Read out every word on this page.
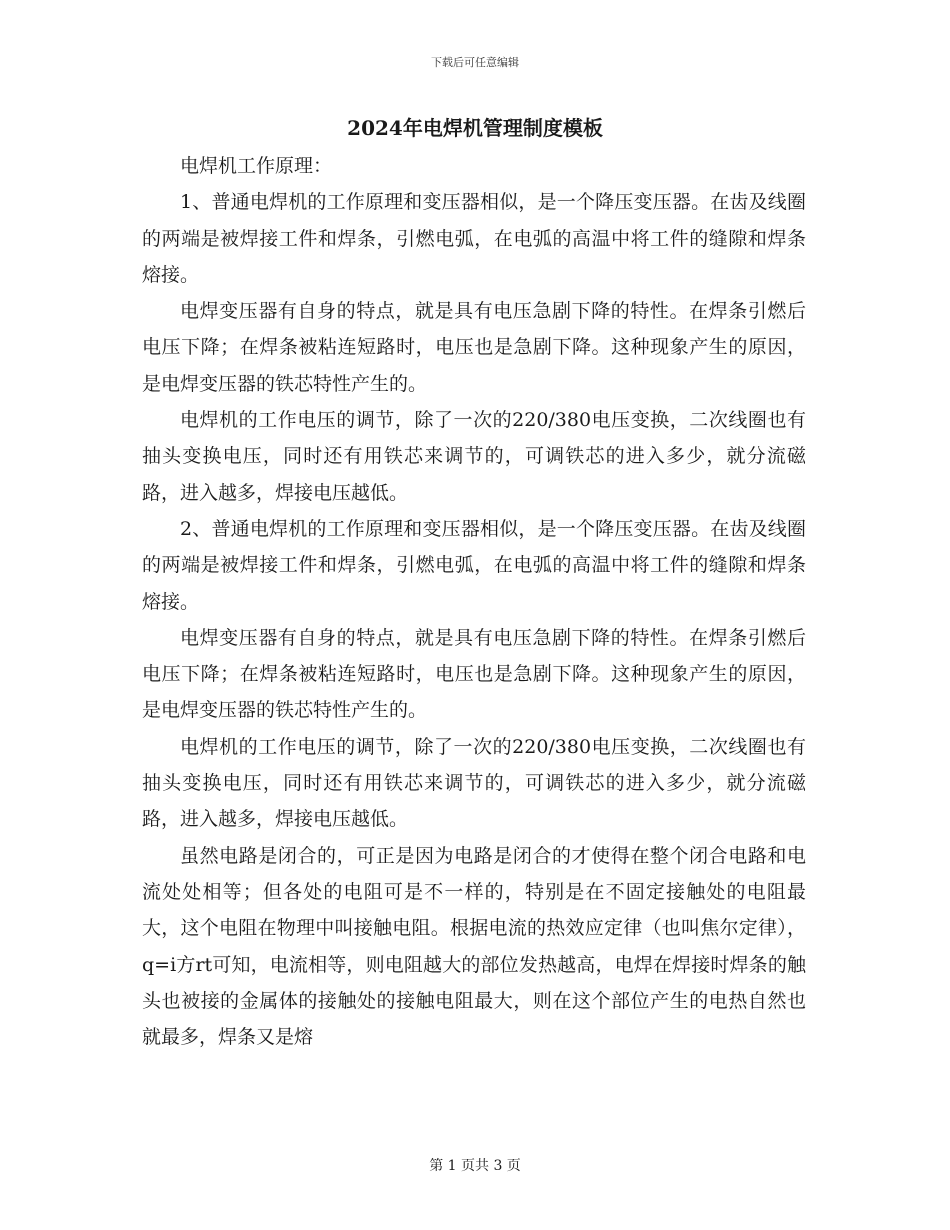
下载后可任意编辑
2024年电焊机管理制度模板

电焊机工作原理：

1、普通电焊机的工作原理和变压器相似，是一个降压变压器。在齿及线圈的两端是被焊接工件和焊条，引燃电弧，在电弧的高温中将工件的缝隙和焊条熔接。

电焊变压器有自身的特点，就是具有电压急剧下降的特性。在焊条引燃后电压下降；在焊条被粘连短路时，电压也是急剧下降。这种现象产生的原因，是电焊变压器的铁芯特性产生的。

电焊机的工作电压的调节，除了一次的220/380电压变换，二次线圈也有抽头变换电压，同时还有用铁芯来调节的，可调铁芯的进入多少，就分流磁路，进入越多，焊接电压越低。

2、普通电焊机的工作原理和变压器相似，是一个降压变压器。在齿及线圈的两端是被焊接工件和焊条，引燃电弧，在电弧的高温中将工件的缝隙和焊条熔接。

电焊变压器有自身的特点，就是具有电压急剧下降的特性。在焊条引燃后电压下降；在焊条被粘连短路时，电压也是急剧下降。这种现象产生的原因，是电焊变压器的铁芯特性产生的。

电焊机的工作电压的调节，除了一次的220/380电压变换，二次线圈也有抽头变换电压，同时还有用铁芯来调节的，可调铁芯的进入多少，就分流磁路，进入越多，焊接电压越低。

虽然电路是闭合的，可正是因为电路是闭合的才使得在整个闭合电路和电流处处相等；但各处的电阻可是不一样的，特别是在不固定接触处的电阻最大，这个电阻在物理中叫接触电阻。根据电流的热效应定律（也叫焦尔定律），q=i方rt可知，电流相等，则电阻越大的部位发热越高，电焊在焊接时焊条的触头也被接的金属体的接触处的接触电阻最大，则在这个部位产生的电热自然也就最多，焊条又是熔

第 1 页共 3 页
